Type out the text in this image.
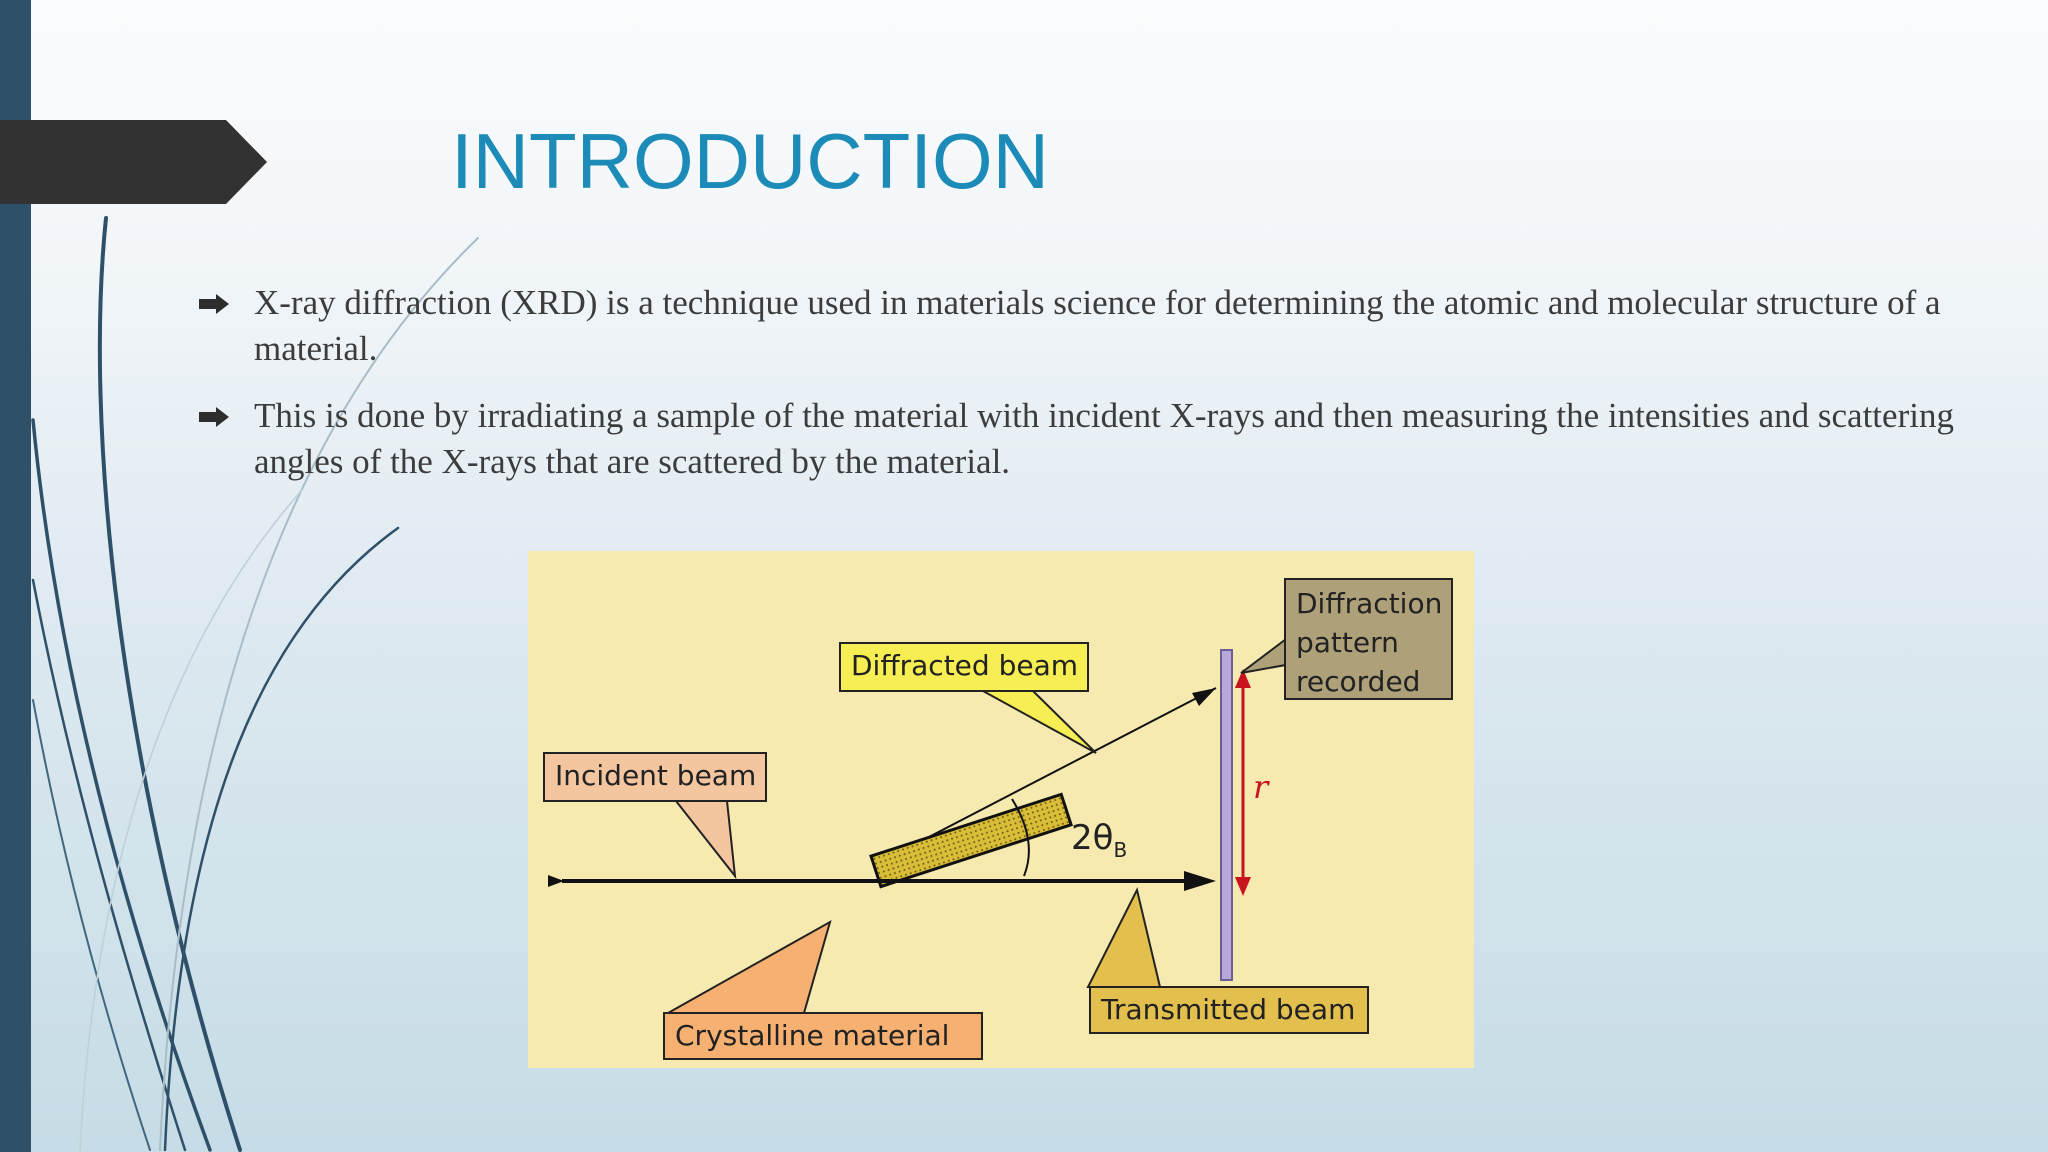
INTRODUCTION
X-ray diffraction (XRD) is a technique used in materials science for determining the atomic and molecular structure of a material.
This is done by irradiating a sample of the material with incident X-rays and then measuring the intensities and scattering angles of the X-rays that are scattered by the material.
$2\theta_B$
r
Diffraction pattern recorded
Diffracted beam
Incident beam
Crystalline material
Transmitted beam
